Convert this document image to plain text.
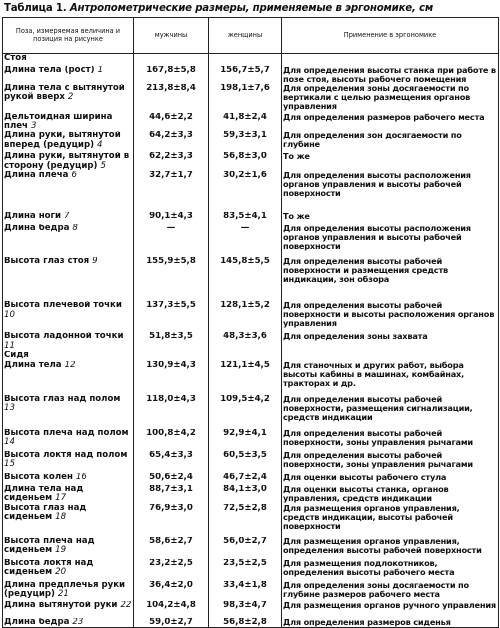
Таблица 1. Антропометрические размеры, применяемые в эргономике, см
Поза, измеряемая величина и позиция на рисунке	мужчины	женщины	Применение в эргономике
Стоя			
Длина тела (рост) 1	167,8±5,8	156,7±5,7	Для определения высоты станка при работе в позе стоя, высоты рабочего помещения
Длина тела с вытянутой рукой вверх 2	213,8±8,4	198,1±7,6	Для определения зоны досягаемости по вертикали с целью размещения органов управления
Дельтоидная ширина плеч 3	44,6±2,2	41,8±2,4	Для определения размеров рабочего места
Длина руки, вытянутой вперед (редуцир) 4	64,2±3,3	59,3±3,1	Для определения зон досягаемости по глубине
Длина руки, вытянутой в сторону (редуцир) 5	62,2±3,3	56,8±3,0	То же
Длина плеча 6	32,7±1,7	30,2±1,6	Для определения высоты расположения органов управления и высоты рабочей поверхности
Длина ноги 7	90,1±4,3	83,5±4,1	То же
Длина бедра 8	—	—	Для определения высоты расположения органов управления и высоты рабочей поверхности
Высота глаз стоя 9	155,9±5,8	145,8±5,5	Для определения высоты рабочей поверхности и размещения средств индикации, зон обзора
Высота плечевой точки 10	137,3±5,5	128,1±5,2	Для определения высоты рабочей поверхности и высоты расположения органов управления
Высота ладонной точки 11	51,8±3,5	48,3±3,6	Для определения зоны захвата
Сидя			
Длина тела 12	130,9±4,3	121,1±4,5	Для станочных и других работ, выбора высоты кабины в машинах, комбайнах, тракторах и др.
Высота глаз над полом 13	118,0±4,3	109,5±4,2	Для определения высоты рабочей поверхности, размещения сигнализации, средств индикации
Высота плеча над полом 14	100,8±4,2	92,9±4,1	Для определения высоты рабочей поверхности, зоны управления рычагами
Высота локтя над полом 15	65,4±3,3	60,5±3,5	Для определения высоты рабочей поверхности, зоны управления рычагами
Высота колен 16	50,6±2,4	46,7±2,4	Для оценки высоты рабочего стула
Длина тела над сиденьем 17	88,7±3,1	84,1±3,0	Для оценки высоты станка, органов управления, средств индикации
Высота глаз над сиденьем 18	76,9±3,0	72,5±2,8	Для размещения органов управления, средств индикации, высоты рабочей поверхности
Высота плеча над сиденьем 19	58,6±2,7	56,0±2,7	Для размещения органов управления, определения высоты рабочей поверхности
Высота локтя над сиденьем 20	23,2±2,5	23,5±2,5	Для размещения подлокотников, определения высоты рабочего места
Длина предплечья руки (редуцир) 21	36,4±2,0	33,4±1,8	Для определения зоны досягаемости по глубине размеров рабочего места
Длина вытянутой руки 22	104,2±4,8	98,3±4,7	Для размещения органов ручного управления
Длина бедра 23	59,0±2,7	56,8±2,8	Для определения размеров сиденья
